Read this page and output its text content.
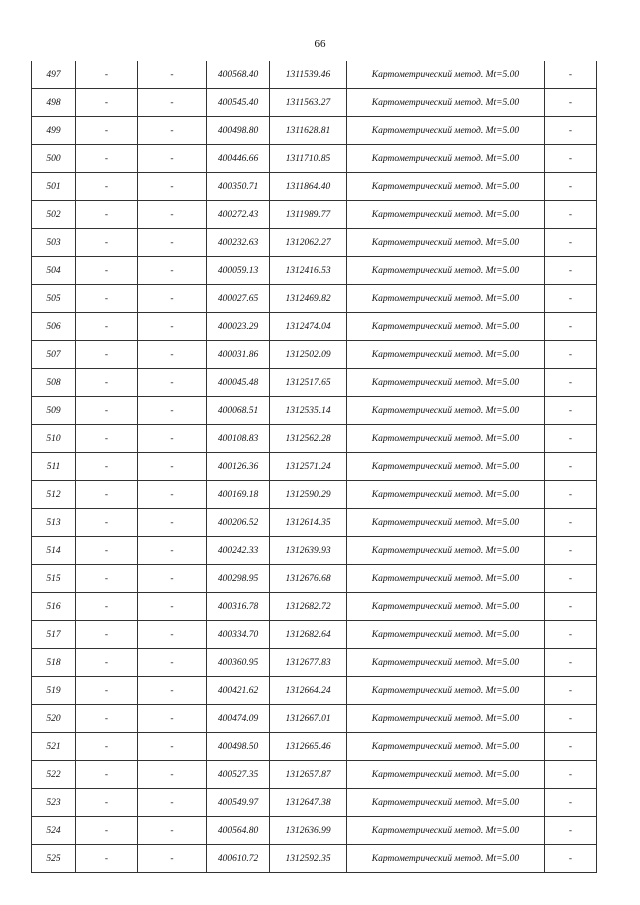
66
497	-	-	400568.40	1311539.46	Картометрический метод. Mt=5.00	-
498	-	-	400545.40	1311563.27	Картометрический метод. Mt=5.00	-
499	-	-	400498.80	1311628.81	Картометрический метод. Mt=5.00	-
500	-	-	400446.66	1311710.85	Картометрический метод. Mt=5.00	-
501	-	-	400350.71	1311864.40	Картометрический метод. Mt=5.00	-
502	-	-	400272.43	1311989.77	Картометрический метод. Mt=5.00	-
503	-	-	400232.63	1312062.27	Картометрический метод. Mt=5.00	-
504	-	-	400059.13	1312416.53	Картометрический метод. Mt=5.00	-
505	-	-	400027.65	1312469.82	Картометрический метод. Mt=5.00	-
506	-	-	400023.29	1312474.04	Картометрический метод. Mt=5.00	-
507	-	-	400031.86	1312502.09	Картометрический метод. Mt=5.00	-
508	-	-	400045.48	1312517.65	Картометрический метод. Mt=5.00	-
509	-	-	400068.51	1312535.14	Картометрический метод. Mt=5.00	-
510	-	-	400108.83	1312562.28	Картометрический метод. Mt=5.00	-
511	-	-	400126.36	1312571.24	Картометрический метод. Mt=5.00	-
512	-	-	400169.18	1312590.29	Картометрический метод. Mt=5.00	-
513	-	-	400206.52	1312614.35	Картометрический метод. Mt=5.00	-
514	-	-	400242.33	1312639.93	Картометрический метод. Mt=5.00	-
515	-	-	400298.95	1312676.68	Картометрический метод. Mt=5.00	-
516	-	-	400316.78	1312682.72	Картометрический метод. Mt=5.00	-
517	-	-	400334.70	1312682.64	Картометрический метод. Mt=5.00	-
518	-	-	400360.95	1312677.83	Картометрический метод. Mt=5.00	-
519	-	-	400421.62	1312664.24	Картометрический метод. Mt=5.00	-
520	-	-	400474.09	1312667.01	Картометрический метод. Mt=5.00	-
521	-	-	400498.50	1312665.46	Картометрический метод. Mt=5.00	-
522	-	-	400527.35	1312657.87	Картометрический метод. Mt=5.00	-
523	-	-	400549.97	1312647.38	Картометрический метод. Mt=5.00	-
524	-	-	400564.80	1312636.99	Картометрический метод. Mt=5.00	-
525	-	-	400610.72	1312592.35	Картометрический метод. Mt=5.00	-
